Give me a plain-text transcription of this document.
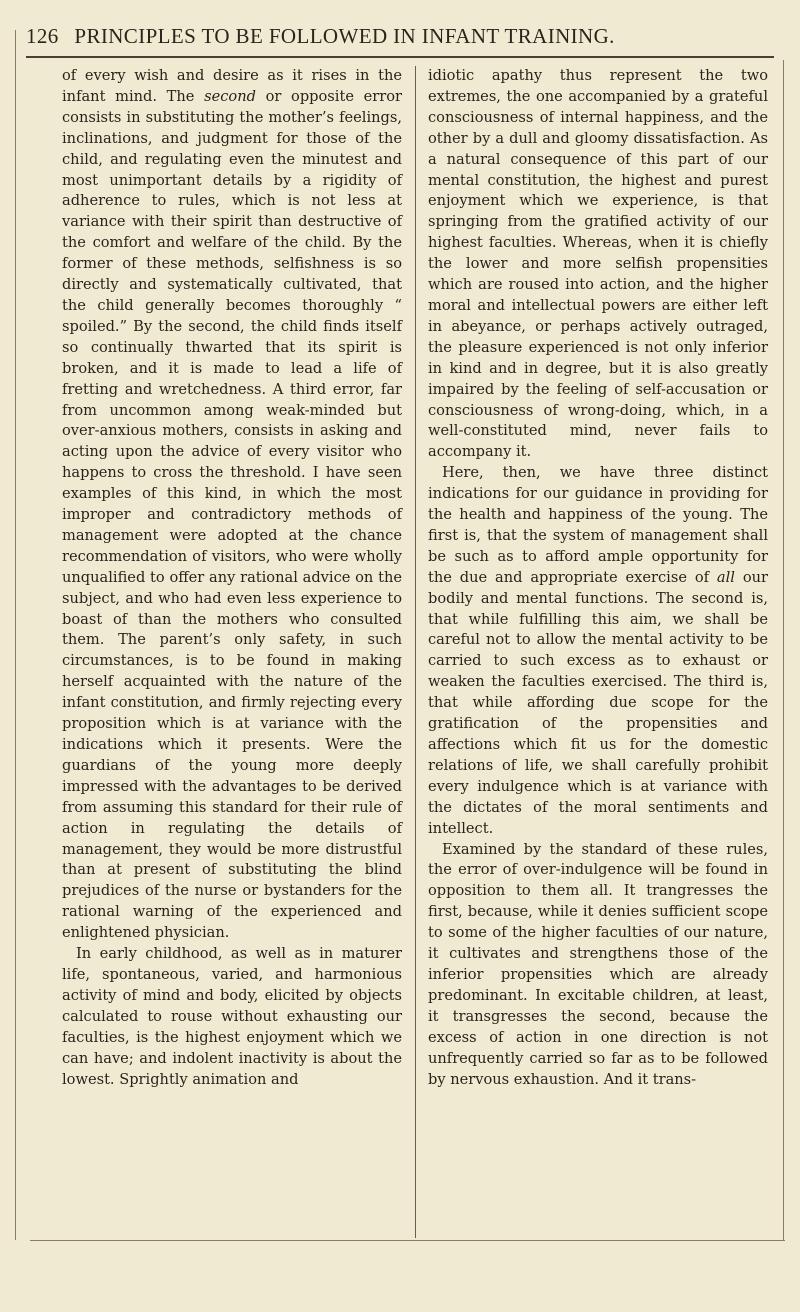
126 PRINCIPLES TO BE FOLLOWED IN INFANT TRAINING.

of every wish and desire as it rises in the infant mind. The second or opposite error consists in substituting the mother’s feelings, inclinations, and judgment for those of the child, and regulating even the minutest and most unimportant details by a rigidity of adherence to rules, which is not less at variance with their spirit than destructive of the comfort and welfare of the child. By the former of these methods, selfishness is so directly and systematically cultivated, that the child generally becomes thoroughly “ spoiled.” By the second, the child finds itself so continually thwarted that its spirit is broken, and it is made to lead a life of fretting and wretchedness. A third error, far from uncommon among weak-minded but over-anxious mothers, consists in asking and acting upon the advice of every visitor who happens to cross the threshold. I have seen examples of this kind, in which the most improper and contradictory methods of management were adopted at the chance recommendation of visitors, who were wholly unqualified to offer any rational advice on the subject, and who had even less experience to boast of than the mothers who consulted them. The parent’s only safety, in such circumstances, is to be found in making herself acquainted with the nature of the infant constitution, and firmly rejecting every proposition which is at variance with the indications which it presents. Were the guardians of the young more deeply impressed with the advantages to be derived from assuming this standard for their rule of action in regulating the details of management, they would be more distrustful than at present of substituting the blind prejudices of the nurse or bystanders for the rational warning of the experienced and enlightened physician.

In early childhood, as well as in maturer life, spontaneous, varied, and harmonious activity of mind and body, elicited by objects calculated to rouse without exhausting our faculties, is the highest enjoyment which we can have; and indolent inactivity is about the lowest. Sprightly animation and

idiotic apathy thus represent the two extremes, the one accompanied by a grateful consciousness of internal happiness, and the other by a dull and gloomy dissatisfaction. As a natural consequence of this part of our mental constitution, the highest and purest enjoyment which we experience, is that springing from the gratified activity of our highest faculties. Whereas, when it is chiefly the lower and more selfish propensities which are roused into action, and the higher moral and intellectual powers are either left in abeyance, or perhaps actively outraged, the pleasure experienced is not only inferior in kind and in degree, but it is also greatly impaired by the feeling of self-accusation or consciousness of wrong-doing, which, in a well-constituted mind, never fails to accompany it.

Here, then, we have three distinct indications for our guidance in providing for the health and happiness of the young. The first is, that the system of management shall be such as to afford ample opportunity for the due and appropriate exercise of all our bodily and mental functions. The second is, that while fulfilling this aim, we shall be careful not to allow the mental activity to be carried to such excess as to exhaust or weaken the faculties exercised. The third is, that while affording due scope for the gratification of the propensities and affections which fit us for the domestic relations of life, we shall carefully prohibit every indulgence which is at variance with the dictates of the moral sentiments and intellect.

Examined by the standard of these rules, the error of over-indulgence will be found in opposition to them all. It trangresses the first, because, while it denies sufficient scope to some of the higher faculties of our nature, it cultivates and strengthens those of the inferior propensities which are already predominant. In excitable children, at least, it transgresses the second, because the excess of action in one direction is not unfrequently carried so far as to be followed by nervous exhaustion. And it trans-
